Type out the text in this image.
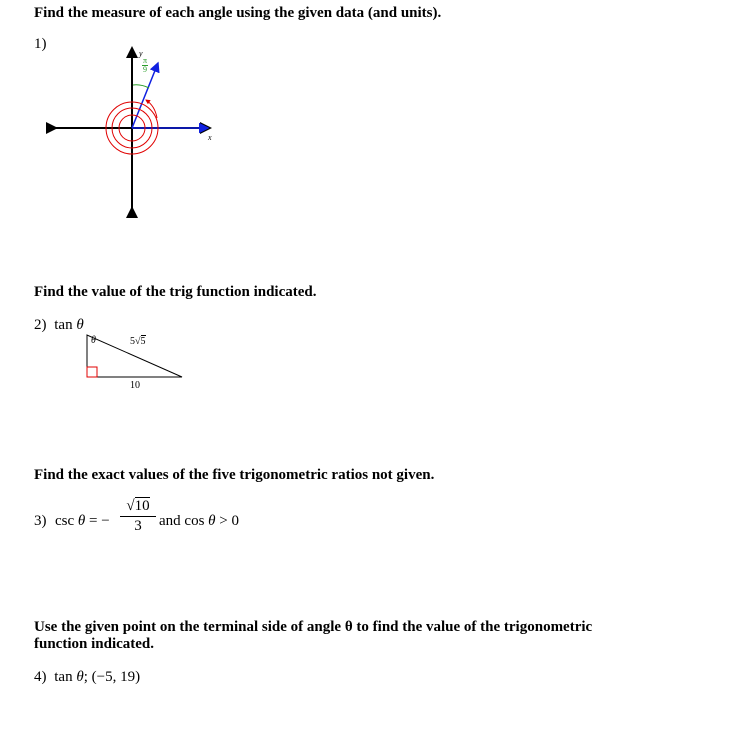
Find the measure of each angle using the given data (and units).
1)
y
x
π
9
Find the value of the trig function indicated.
2) tan θ
θ	5√5
10
Find the exact values of the five trigonometric ratios not given.
3) csc θ = −
√10
3	and cos θ > 0
Use the given point on the terminal side of angle θ to find the value of the trigonometric
function indicated.
4) tan θ; (−5, 19)
